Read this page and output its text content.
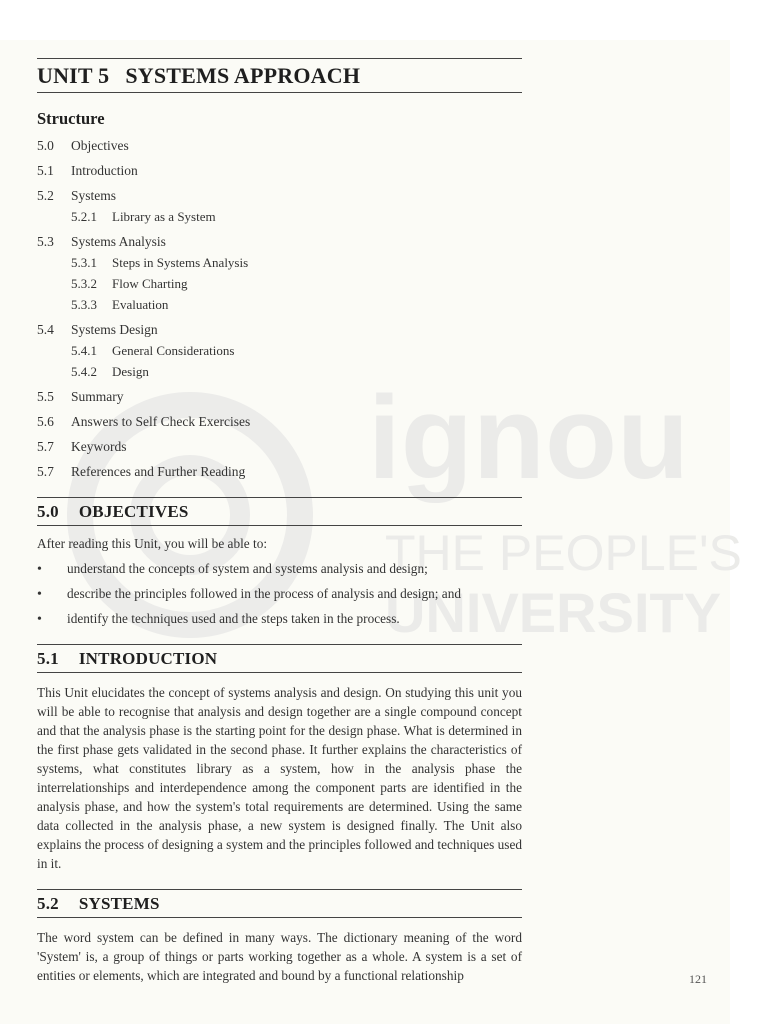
ignou
THE PEOPLE'S
UNIVERSITY
UNIT 5 SYSTEMS APPROACH
Structure
5.0	Objectives
5.1	Introduction
5.2	Systems
5.2.1	Library as a System
5.3	Systems Analysis
5.3.1	Steps in Systems Analysis
5.3.2	Flow Charting
5.3.3	Evaluation
5.4	Systems Design
5.4.1	General Considerations
5.4.2	Design
5.5	Summary
5.6	Answers to Self Check Exercises
5.7	Keywords
5.7	References and Further Reading
5.0 OBJECTIVES
After reading this Unit, you will be able to:
•
understand the concepts of system and systems analysis and design;
•
describe the principles followed in the process of analysis and design; and
•
identify the techniques used and the steps taken in the process.
5.1 INTRODUCTION
This Unit elucidates the concept of systems analysis and design. On studying this unit you will be able to recognise that analysis and design together are a single compound concept and that the analysis phase is the starting point for the design phase. What is determined in the first phase gets validated in the second phase. It further explains the characteristics of systems, what constitutes library as a system, how in the analysis phase the interrelationships and interdependence among the component parts are identified in the analysis phase, and how the system's total requirements are determined. Using the same data collected in the analysis phase, a new system is designed finally. The Unit also explains the process of designing a system and the principles followed and techniques used in it.
5.2 SYSTEMS
The word system can be defined in many ways. The dictionary meaning of the word 'System' is, a group of things or parts working together as a whole. A system is a set of entities or elements, which are integrated and bound by a functional relationship	121
